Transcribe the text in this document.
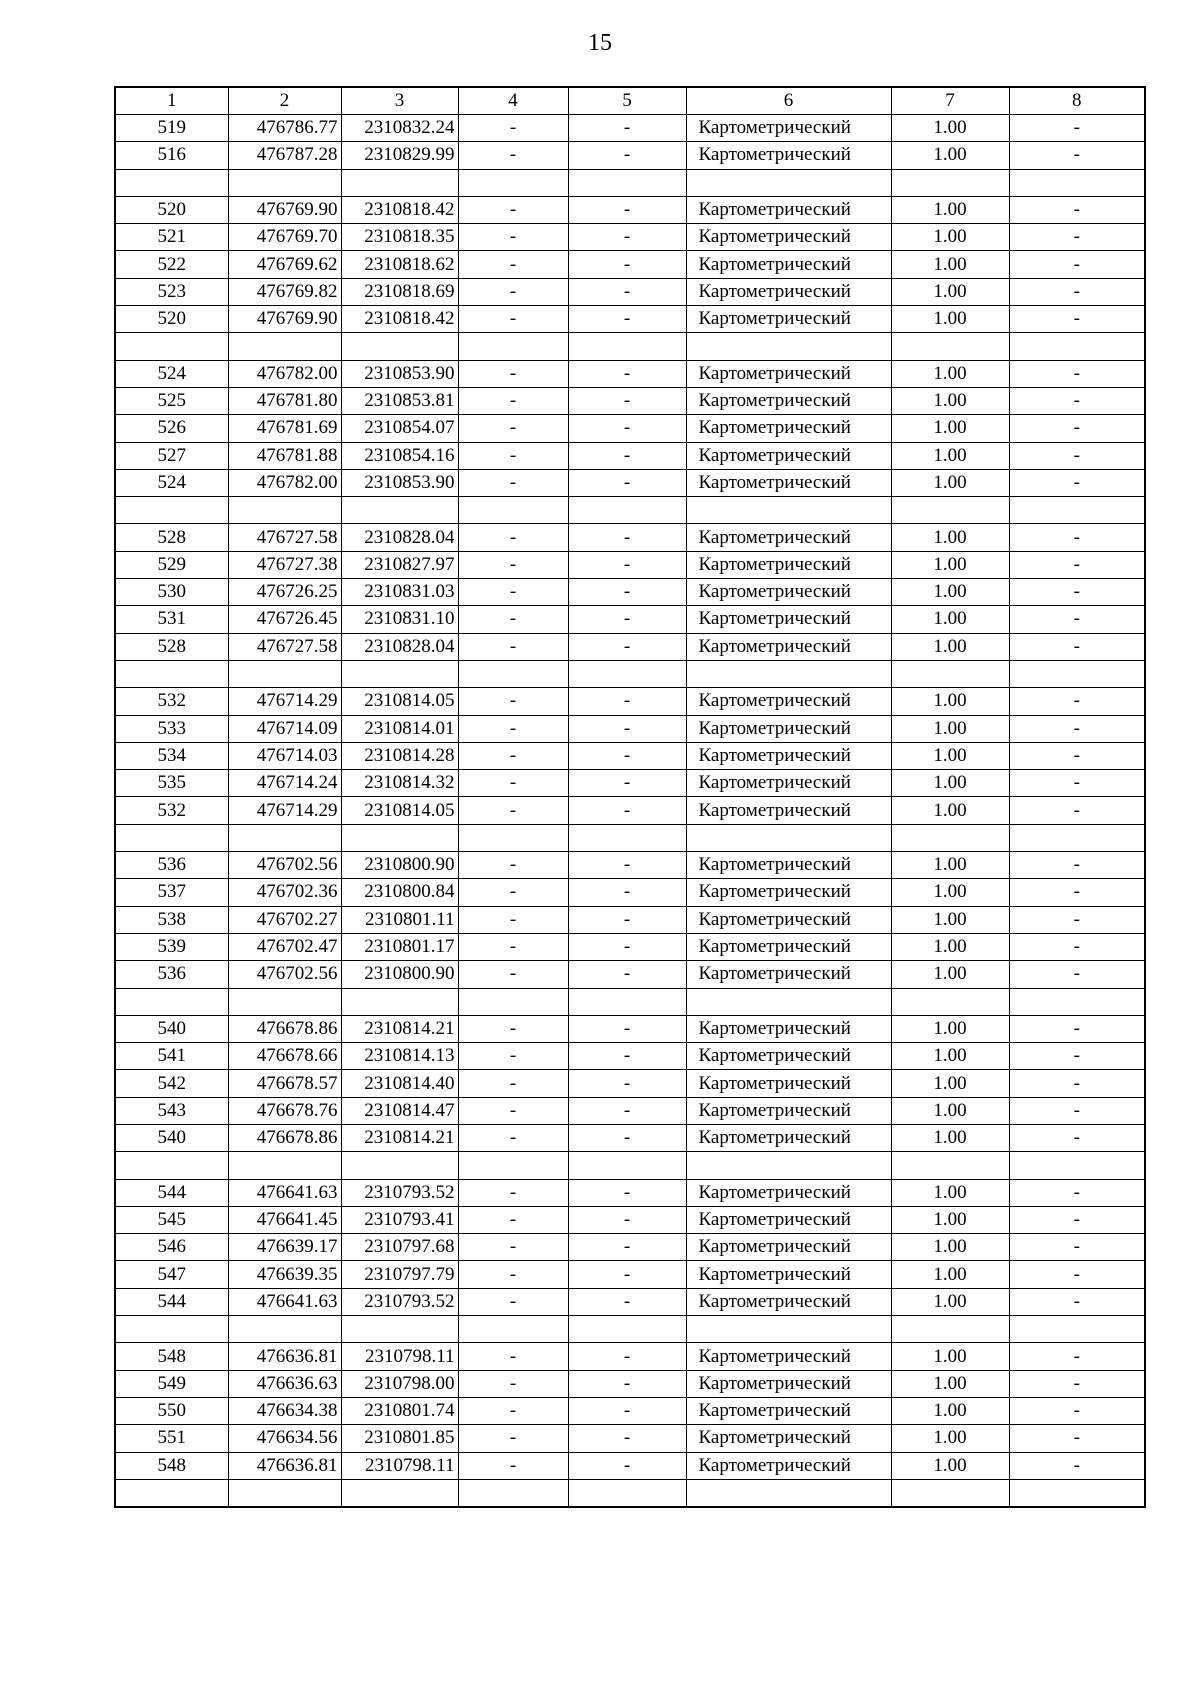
15
1	2	3	4	5	6	7	8
519	476786.77	2310832.24	-	-	Картометрический	1.00	-
516	476787.28	2310829.99	-	-	Картометрический	1.00	-

520	476769.90	2310818.42	-	-	Картометрический	1.00	-
521	476769.70	2310818.35	-	-	Картометрический	1.00	-
522	476769.62	2310818.62	-	-	Картометрический	1.00	-
523	476769.82	2310818.69	-	-	Картометрический	1.00	-
520	476769.90	2310818.42	-	-	Картометрический	1.00	-

524	476782.00	2310853.90	-	-	Картометрический	1.00	-
525	476781.80	2310853.81	-	-	Картометрический	1.00	-
526	476781.69	2310854.07	-	-	Картометрический	1.00	-
527	476781.88	2310854.16	-	-	Картометрический	1.00	-
524	476782.00	2310853.90	-	-	Картометрический	1.00	-

528	476727.58	2310828.04	-	-	Картометрический	1.00	-
529	476727.38	2310827.97	-	-	Картометрический	1.00	-
530	476726.25	2310831.03	-	-	Картометрический	1.00	-
531	476726.45	2310831.10	-	-	Картометрический	1.00	-
528	476727.58	2310828.04	-	-	Картометрический	1.00	-

532	476714.29	2310814.05	-	-	Картометрический	1.00	-
533	476714.09	2310814.01	-	-	Картометрический	1.00	-
534	476714.03	2310814.28	-	-	Картометрический	1.00	-
535	476714.24	2310814.32	-	-	Картометрический	1.00	-
532	476714.29	2310814.05	-	-	Картометрический	1.00	-

536	476702.56	2310800.90	-	-	Картометрический	1.00	-
537	476702.36	2310800.84	-	-	Картометрический	1.00	-
538	476702.27	2310801.11	-	-	Картометрический	1.00	-
539	476702.47	2310801.17	-	-	Картометрический	1.00	-
536	476702.56	2310800.90	-	-	Картометрический	1.00	-

540	476678.86	2310814.21	-	-	Картометрический	1.00	-
541	476678.66	2310814.13	-	-	Картометрический	1.00	-
542	476678.57	2310814.40	-	-	Картометрический	1.00	-
543	476678.76	2310814.47	-	-	Картометрический	1.00	-
540	476678.86	2310814.21	-	-	Картометрический	1.00	-

544	476641.63	2310793.52	-	-	Картометрический	1.00	-
545	476641.45	2310793.41	-	-	Картометрический	1.00	-
546	476639.17	2310797.68	-	-	Картометрический	1.00	-
547	476639.35	2310797.79	-	-	Картометрический	1.00	-
544	476641.63	2310793.52	-	-	Картометрический	1.00	-

548	476636.81	2310798.11	-	-	Картометрический	1.00	-
549	476636.63	2310798.00	-	-	Картометрический	1.00	-
550	476634.38	2310801.74	-	-	Картометрический	1.00	-
551	476634.56	2310801.85	-	-	Картометрический	1.00	-
548	476636.81	2310798.11	-	-	Картометрический	1.00	-
